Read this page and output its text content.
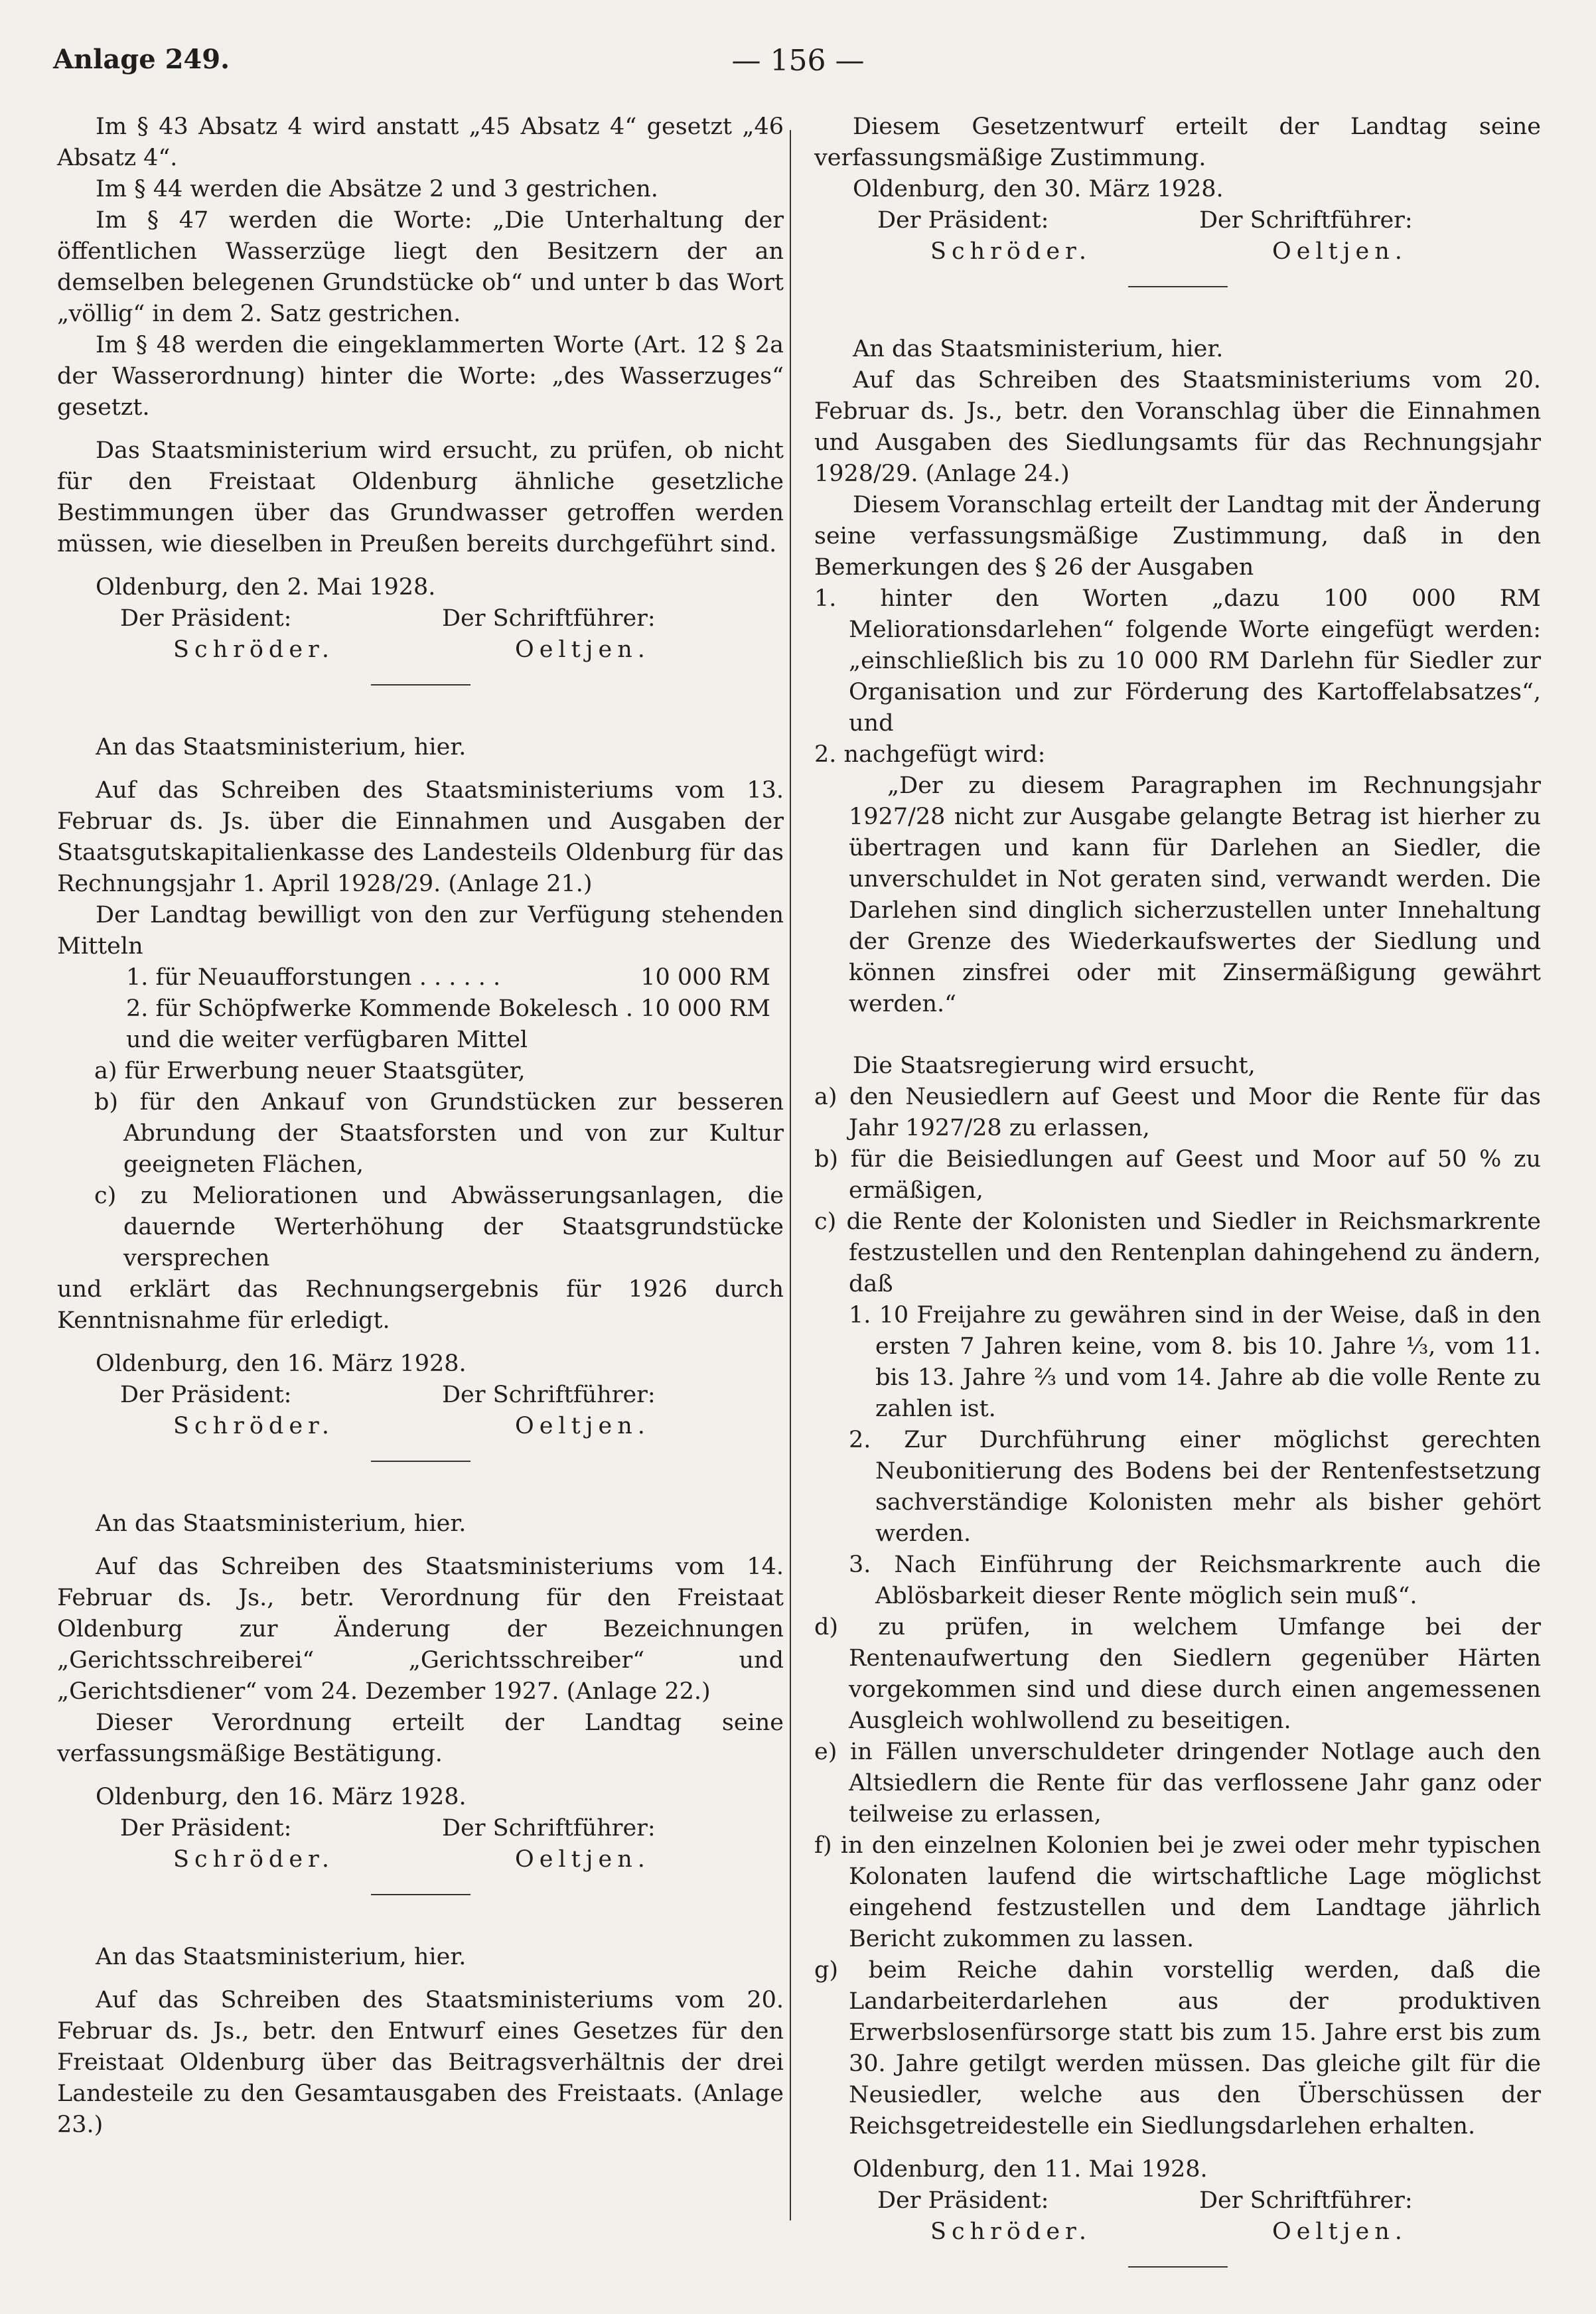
Anlage 249.	— 156 —

Im § 43 Absatz 4 wird anstatt „45 Absatz 4“ gesetzt „46 Absatz 4“.

Im § 44 werden die Absätze 2 und 3 gestrichen.

Im § 47 werden die Worte: „Die Unterhaltung der öffentlichen Wasserzüge liegt den Besitzern der an demselben belegenen Grundstücke ob“ und unter b das Wort „völlig“ in dem 2. Satz gestrichen.

Im § 48 werden die eingeklammerten Worte (Art. 12 § 2a der Wasserordnung) hinter die Worte: „des Wasserzuges“ gesetzt.

Das Staatsministerium wird ersucht, zu prüfen, ob nicht für den Freistaat Oldenburg ähnliche gesetzliche Bestimmungen über das Grundwasser getroffen werden müssen, wie dieselben in Preußen bereits durchgeführt sind.

Oldenburg, den 2. Mai 1928.

Der Präsident:	Der Schriftführer:
Schröder.	Oeltjen.

An das Staatsministerium, hier.

Auf das Schreiben des Staatsministeriums vom 13. Februar ds. Js. über die Einnahmen und Ausgaben der Staatsgutskapitalienkasse des Landesteils Oldenburg für das Rechnungsjahr 1. April 1928/29. (Anlage 21.)

Der Landtag bewilligt von den zur Verfügung stehenden Mitteln

1. für Neuaufforstungen . . . . . .	10 000 RM
2. für Schöpfwerke Kommende Bokelesch . 10 000 RM

und die weiter verfügbaren Mittel

a) für Erwerbung neuer Staatsgüter,

b) für den Ankauf von Grundstücken zur besseren Abrundung der Staatsforsten und von zur Kultur geeigneten Flächen,

c) zu Meliorationen und Abwässerungsanlagen, die dauernde Werterhöhung der Staatsgrundstücke versprechen

und erklärt das Rechnungsergebnis für 1926 durch Kenntnisnahme für erledigt.

Oldenburg, den 16. März 1928.

Der Präsident:	Der Schriftführer:
Schröder.	Oeltjen.

An das Staatsministerium, hier.

Auf das Schreiben des Staatsministeriums vom 14. Februar ds. Js., betr. Verordnung für den Freistaat Oldenburg zur Änderung der Bezeichnungen „Gerichtsschreiberei“ „Gerichtsschreiber“ und „Gerichtsdiener“ vom 24. Dezember 1927. (Anlage 22.)

Dieser Verordnung erteilt der Landtag seine verfassungsmäßige Bestätigung.

Oldenburg, den 16. März 1928.

Der Präsident:	Der Schriftführer:
Schröder.	Oeltjen.

An das Staatsministerium, hier.

Auf das Schreiben des Staatsministeriums vom 20. Februar ds. Js., betr. den Entwurf eines Gesetzes für den Freistaat Oldenburg über das Beitragsverhältnis der drei Landesteile zu den Gesamtausgaben des Freistaats. (Anlage 23.)

Diesem Gesetzentwurf erteilt der Landtag seine verfassungsmäßige Zustimmung.

Oldenburg, den 30. März 1928.

Der Präsident:	Der Schriftführer:
Schröder.	Oeltjen.

An das Staatsministerium, hier.

Auf das Schreiben des Staatsministeriums vom 20. Februar ds. Js., betr. den Voranschlag über die Einnahmen und Ausgaben des Siedlungsamts für das Rechnungsjahr 1928/29. (Anlage 24.)

Diesem Voranschlag erteilt der Landtag mit der Änderung seine verfassungsmäßige Zustimmung, daß in den Bemerkungen des § 26 der Ausgaben

1. hinter den Worten „dazu 100 000 RM Meliorationsdarlehen“ folgende Worte eingefügt werden: „einschließlich bis zu 10 000 RM Darlehn für Siedler zur Organisation und zur Förderung des Kartoffelabsatzes“, und

2. nachgefügt wird:

„Der zu diesem Paragraphen im Rechnungsjahr 1927/28 nicht zur Ausgabe gelangte Betrag ist hierher zu übertragen und kann für Darlehen an Siedler, die unverschuldet in Not geraten sind, verwandt werden. Die Darlehen sind dinglich sicherzustellen unter Innehaltung der Grenze des Wiederkaufswertes der Siedlung und können zinsfrei oder mit Zinsermäßigung gewährt werden.“

Die Staatsregierung wird ersucht,

a) den Neusiedlern auf Geest und Moor die Rente für das Jahr 1927/28 zu erlassen,

b) für die Beisiedlungen auf Geest und Moor auf 50 % zu ermäßigen,

c) die Rente der Kolonisten und Siedler in Reichsmarkrente festzustellen und den Rentenplan dahingehend zu ändern, daß

1. 10 Freijahre zu gewähren sind in der Weise, daß in den ersten 7 Jahren keine, vom 8. bis 10. Jahre ⅓, vom 11. bis 13. Jahre ⅔ und vom 14. Jahre ab die volle Rente zu zahlen ist.

2. Zur Durchführung einer möglichst gerechten Neubonitierung des Bodens bei der Rentenfestsetzung sachverständige Kolonisten mehr als bisher gehört werden.

3. Nach Einführung der Reichsmarkrente auch die Ablösbarkeit dieser Rente möglich sein muß“.

d) zu prüfen, in welchem Umfange bei der Rentenaufwertung den Siedlern gegenüber Härten vorgekommen sind und diese durch einen angemessenen Ausgleich wohlwollend zu beseitigen.

e) in Fällen unverschuldeter dringender Notlage auch den Altsiedlern die Rente für das verflossene Jahr ganz oder teilweise zu erlassen,

f) in den einzelnen Kolonien bei je zwei oder mehr typischen Kolonaten laufend die wirtschaftliche Lage möglichst eingehend festzustellen und dem Landtage jährlich Bericht zukommen zu lassen.

g) beim Reiche dahin vorstellig werden, daß die Landarbeiterdarlehen aus der produktiven Erwerbslosenfürsorge statt bis zum 15. Jahre erst bis zum 30. Jahre getilgt werden müssen. Das gleiche gilt für die Neusiedler, welche aus den Überschüssen der Reichsgetreidestelle ein Siedlungsdarlehen erhalten.

Oldenburg, den 11. Mai 1928.

Der Präsident:	Der Schriftführer:
Schröder.	Oeltjen.
